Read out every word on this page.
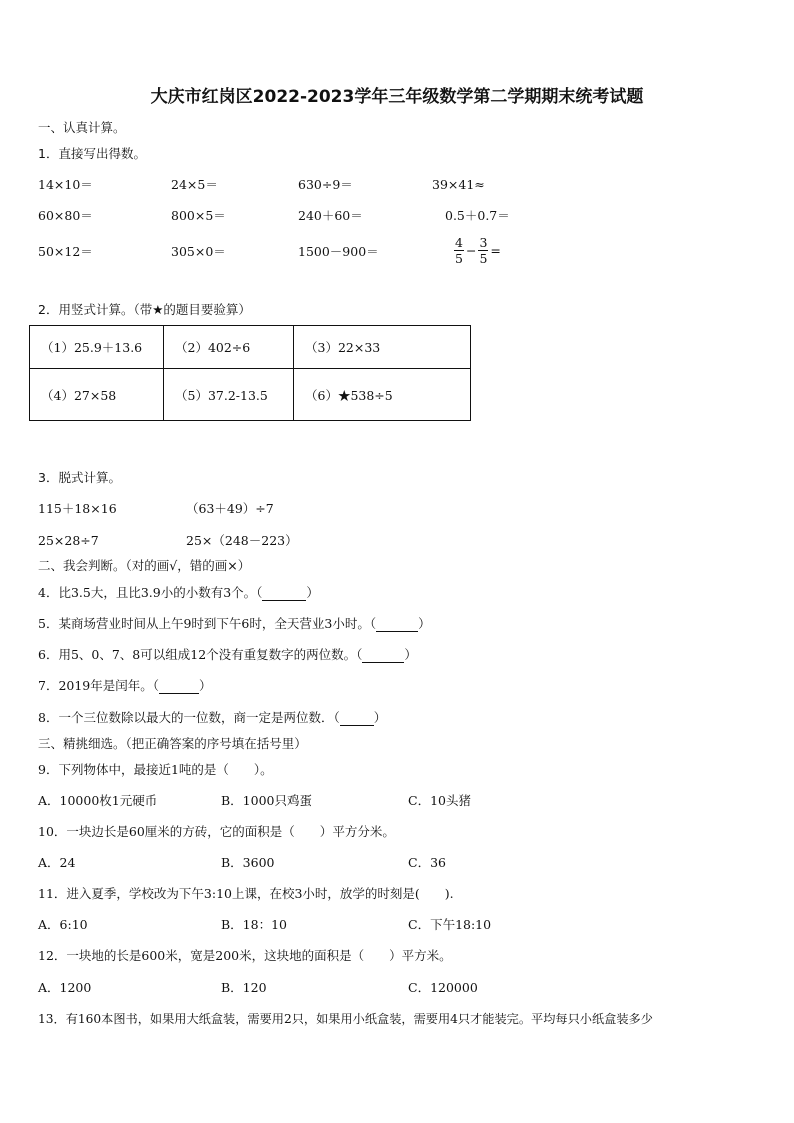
大庆市红岗区2022-2023学年三年级数学第二学期期末统考试题
一、认真计算。
1．直接写出得数。
14×10＝	24×5＝	630÷9＝	39×41≈
60×80＝	800×5＝	240＋60＝	0.5＋0.7＝
50×12＝	305×0＝	1500－900＝	$\frac{4}{5} - \frac{3}{5}$ =
2．用竖式计算。（带★的题目要验算）
（1）25.9＋13.6	（2）402÷6	（3）22×33
（4）27×58	（5）37.2-13.5	（6）★538÷5
3．脱式计算。
115＋18×16	（63＋49）÷7
25×28÷7	25×（248－223）
二、我会判断。（对的画√，错的画×）
4．比3.5大，且比3.9小的小数有3个。（	）
5．某商场营业时间从上午9时到下午6时，全天营业3小时。（	）
6．用5、0、7、8可以组成12个没有重复数字的两位数。（	）
7．2019年是闰年。（	）
8．一个三位数除以最大的一位数，商一定是两位数．（	）
三、精挑细选。（把正确答案的序号填在括号里）
9．下列物体中，最接近1吨的是（　　）。
A．10000枚1元硬币	B．1000只鸡蛋	C．10头猪
10．一块边长是60厘米的方砖，它的面积是（　　）平方分米。
A．24	B．3600	C．36
11．进入夏季，学校改为下午3:10上课，在校3小时，放学的时刻是(　　).
A．6:10	B．18：10	C．下午18:10
12．一块地的长是600米，宽是200米，这块地的面积是（　　）平方米。
A．1200	B．120	C．120000
13．有160本图书，如果用大纸盒装，需要用2只，如果用小纸盒装，需要用4只才能装完。平均每只小纸盒装多少
